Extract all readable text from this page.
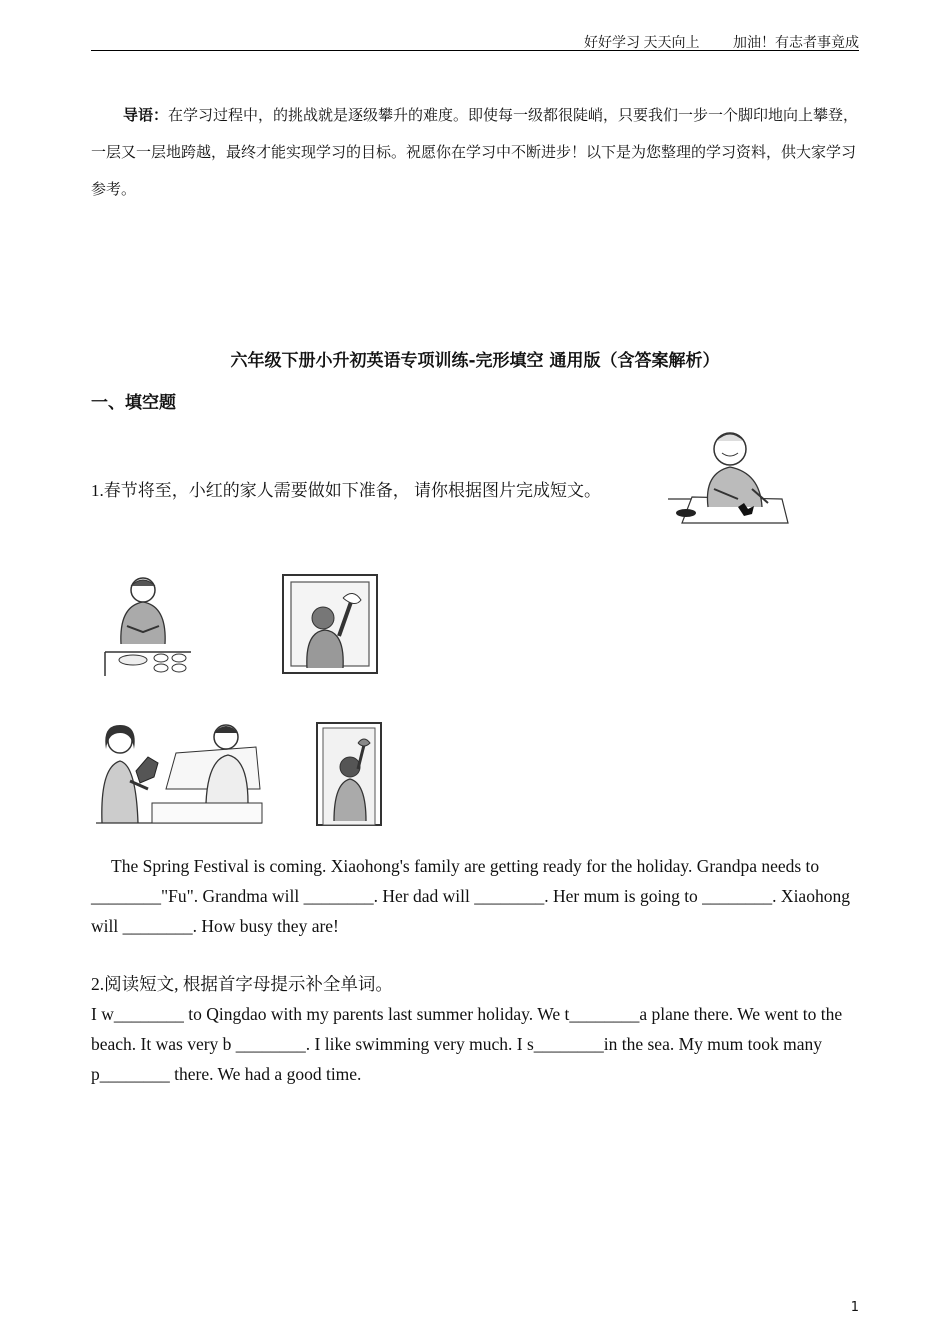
好好学习 天天向上 加油！有志者事竟成
导语：在学习过程中，的挑战就是逐级攀升的难度。即使每一级都很陡峭，只要我们一步一个脚印地向上攀登，一层又一层地跨越，最终才能实现学习的目标。祝愿你在学习中不断进步！以下是为您整理的学习资料，供大家学习参考。
六年级下册小升初英语专项训练-完形填空 通用版（含答案解析）
一、填空题
1.春节将至，小红的家人需要做如下准备， 请你根据图片完成短文。
The Spring Festival is coming. Xiaohong's family are getting ready for the holiday. Grandpa needs to ________"Fu". Grandma will ________. Her dad will ________. Her mum is going to ________. Xiaohong will ________. How busy they are!
2.阅读短文, 根据首字母提示补全单词。
I w________ to Qingdao with my parents last summer holiday. We t________a plane there. We went to the beach. It was very b ________. I like swimming very much. I s________in the sea. My mum took many p________ there. We had a good time.
1
